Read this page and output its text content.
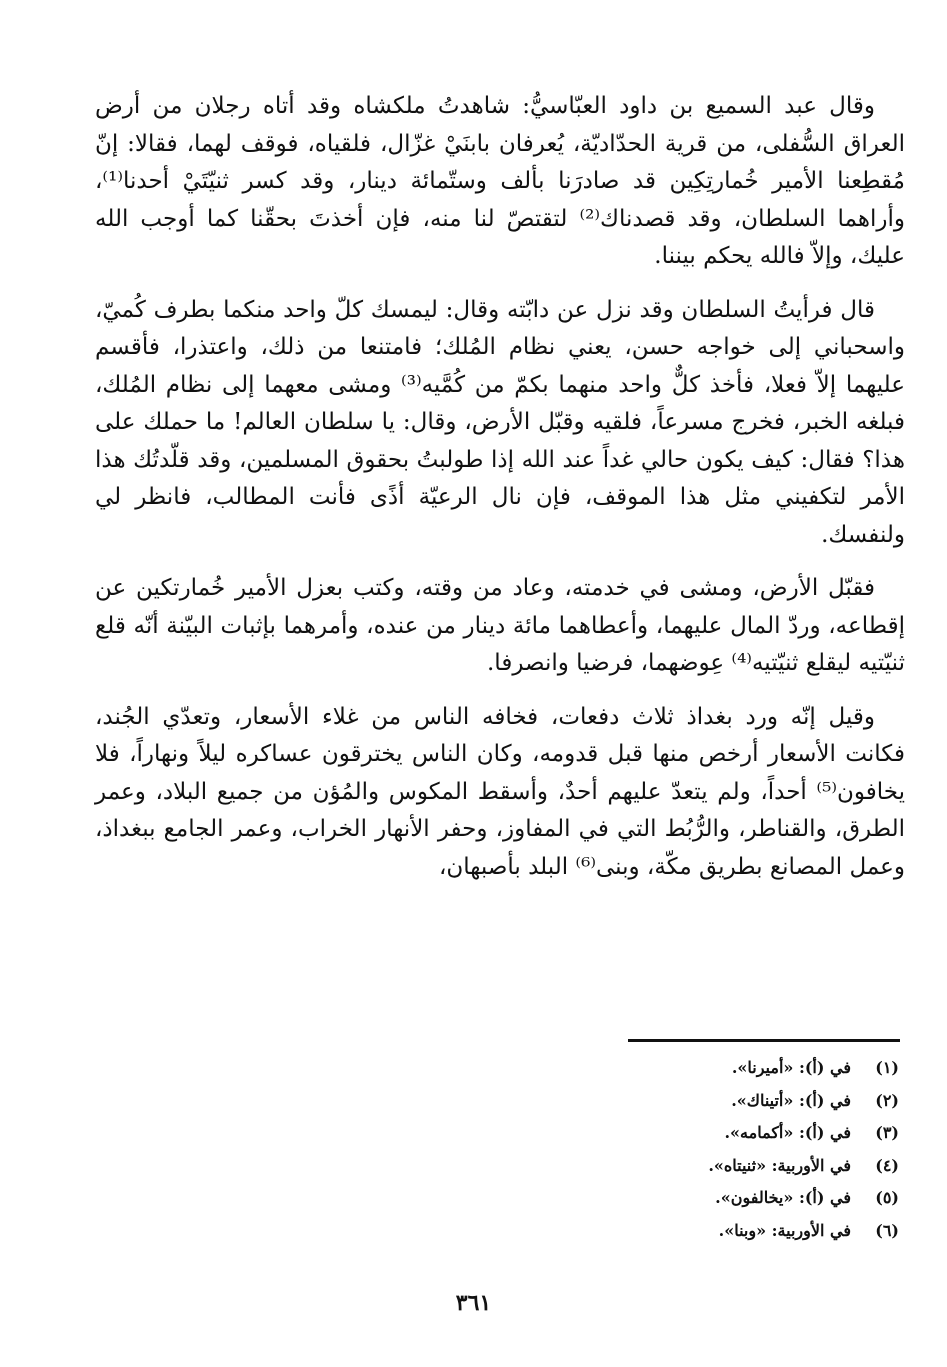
وقال عبد السميع بن داود العبّاسيُّ: شاهدتُ ملكشاه وقد أتاه رجلان من أرض العراق السُّفلى، من قرية الحدّاديّة، يُعرفان بابنَيْ غزّال، فلقياه، فوقف لهما، فقالا: إنّ مُقطِعنا الأمير خُمارتِكِين قد صادرَنا بألف وستّمائة دينار، وقد كسر ثنيّتَيْ أحدنا⁽¹⁾، وأراهما السلطان، وقد قصدناك⁽²⁾ لتقتصّ لنا منه، فإن أخذتَ بحقّنا كما أوجب الله عليك، وإلاّ فالله يحكم بيننا.

قال فرأيتُ السلطان وقد نزل عن دابّته وقال: ليمسك كلّ واحد منكما بطرف كُميّ، واسحباني إلى خواجه حسن، يعني نظام المُلك؛ فامتنعا من ذلك، واعتذرا، فأقسم عليهما إلاّ فعلا، فأخذ كلٌّ واحد منهما بكمّ من كُمَّيه⁽³⁾ ومشى معهما إلى نظام المُلك، فبلغه الخبر، فخرج مسرعاً، فلقيه وقبّل الأرض، وقال: يا سلطان العالم! ما حملك على هذا؟ فقال: كيف يكون حالي غداً عند الله إذا طولبتُ بحقوق المسلمين، وقد قلّدتُك هذا الأمر لتكفيني مثل هذا الموقف، فإن نال الرعيّة أذًى فأنت المطالب، فانظر لي ولنفسك.

فقبّل الأرض، ومشى في خدمته، وعاد من وقته، وكتب بعزل الأمير خُمارتكين عن إقطاعه، وردّ المال عليهما، وأعطاهما مائة دينار من عنده، وأمرهما بإثبات البيّنة أنّه قلع ثنيّتيه ليقلع ثنيّتيه⁽⁴⁾ عِوضهما، فرضيا وانصرفا.

وقيل إنّه ورد بغداذ ثلاث دفعات، فخافه الناس من غلاء الأسعار، وتعدّي الجُند، فكانت الأسعار أرخص منها قبل قدومه، وكان الناس يخترقون عساكره ليلاً ونهاراً، فلا يخافون⁽⁵⁾ أحداً، ولم يتعدّ عليهم أحدٌ، وأسقط المكوس والمُؤن من جميع البلاد، وعمر الطرق، والقناطر، والرُّبُط التي في المفاوز، وحفر الأنهار الخراب، وعمر الجامع ببغداذ، وعمل المصانع بطريق مكّة، وبنى⁽⁶⁾ البلد بأصبهان،

(١)
في (أ): «أميرنا».
(٢)
في (أ): «أتيناك».
(٣)
في (أ): «أكمامه».
(٤)
في الأوربية: «ثنيتاه».
(٥)
في (أ): «يخالفون».
(٦)
في الأوربية: «وبنا».
٣٦١
